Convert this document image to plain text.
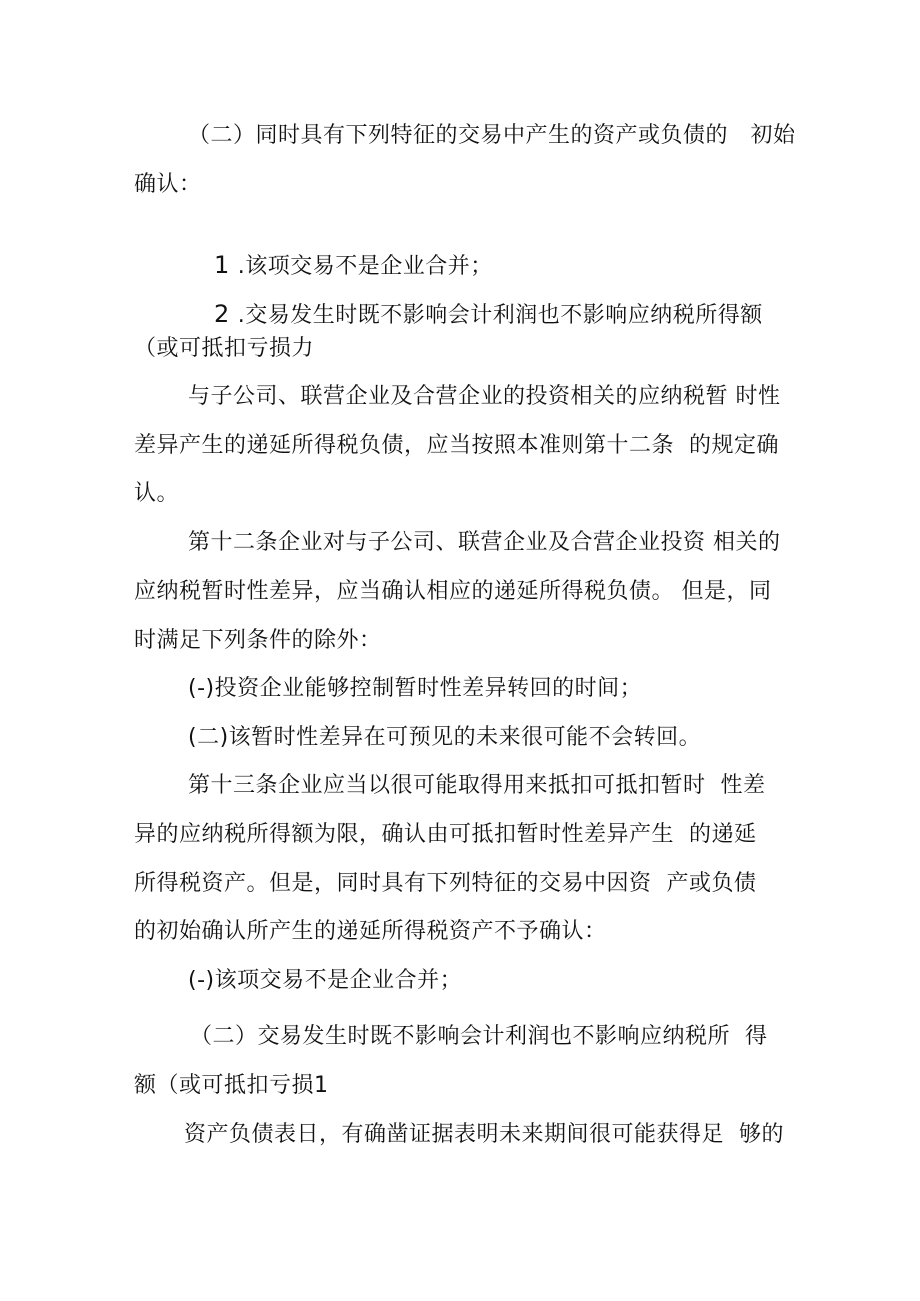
（二）同时具有下列特征的交易中产生的资产或负债的　初始
确认：

1 .该项交易不是企业合并；

2 .交易发生时既不影响会计利润也不影响应纳税所得额

（或可抵扣亏损力
与子公司、联营企业及合营企业的投资相关的应纳税暂 时性
差异产生的递延所得税负债，应当按照本准则第十二条  的规定确
认。
第十二条企业对与子公司、联营企业及合营企业投资 相关的
应纳税暂时性差异，应当确认相应的递延所得税负债。 但是，同
时满足下列条件的除外：
(-)投资企业能够控制暂时性差异转回的时间；
(二)该暂时性差异在可预见的未来很可能不会转回。
第十三条企业应当以很可能取得用来抵扣可抵扣暂时  性差
异的应纳税所得额为限，确认由可抵扣暂时性差异产生  的递延
所得税资产。但是，同时具有下列特征的交易中因资  产或负债
的初始确认所产生的递延所得税资产不予确认：
(-)该项交易不是企业合并；
（二）交易发生时既不影响会计利润也不影响应纳税所  得
额（或可抵扣亏损1
资产负债表日，有确凿证据表明未来期间很可能获得足  够的
